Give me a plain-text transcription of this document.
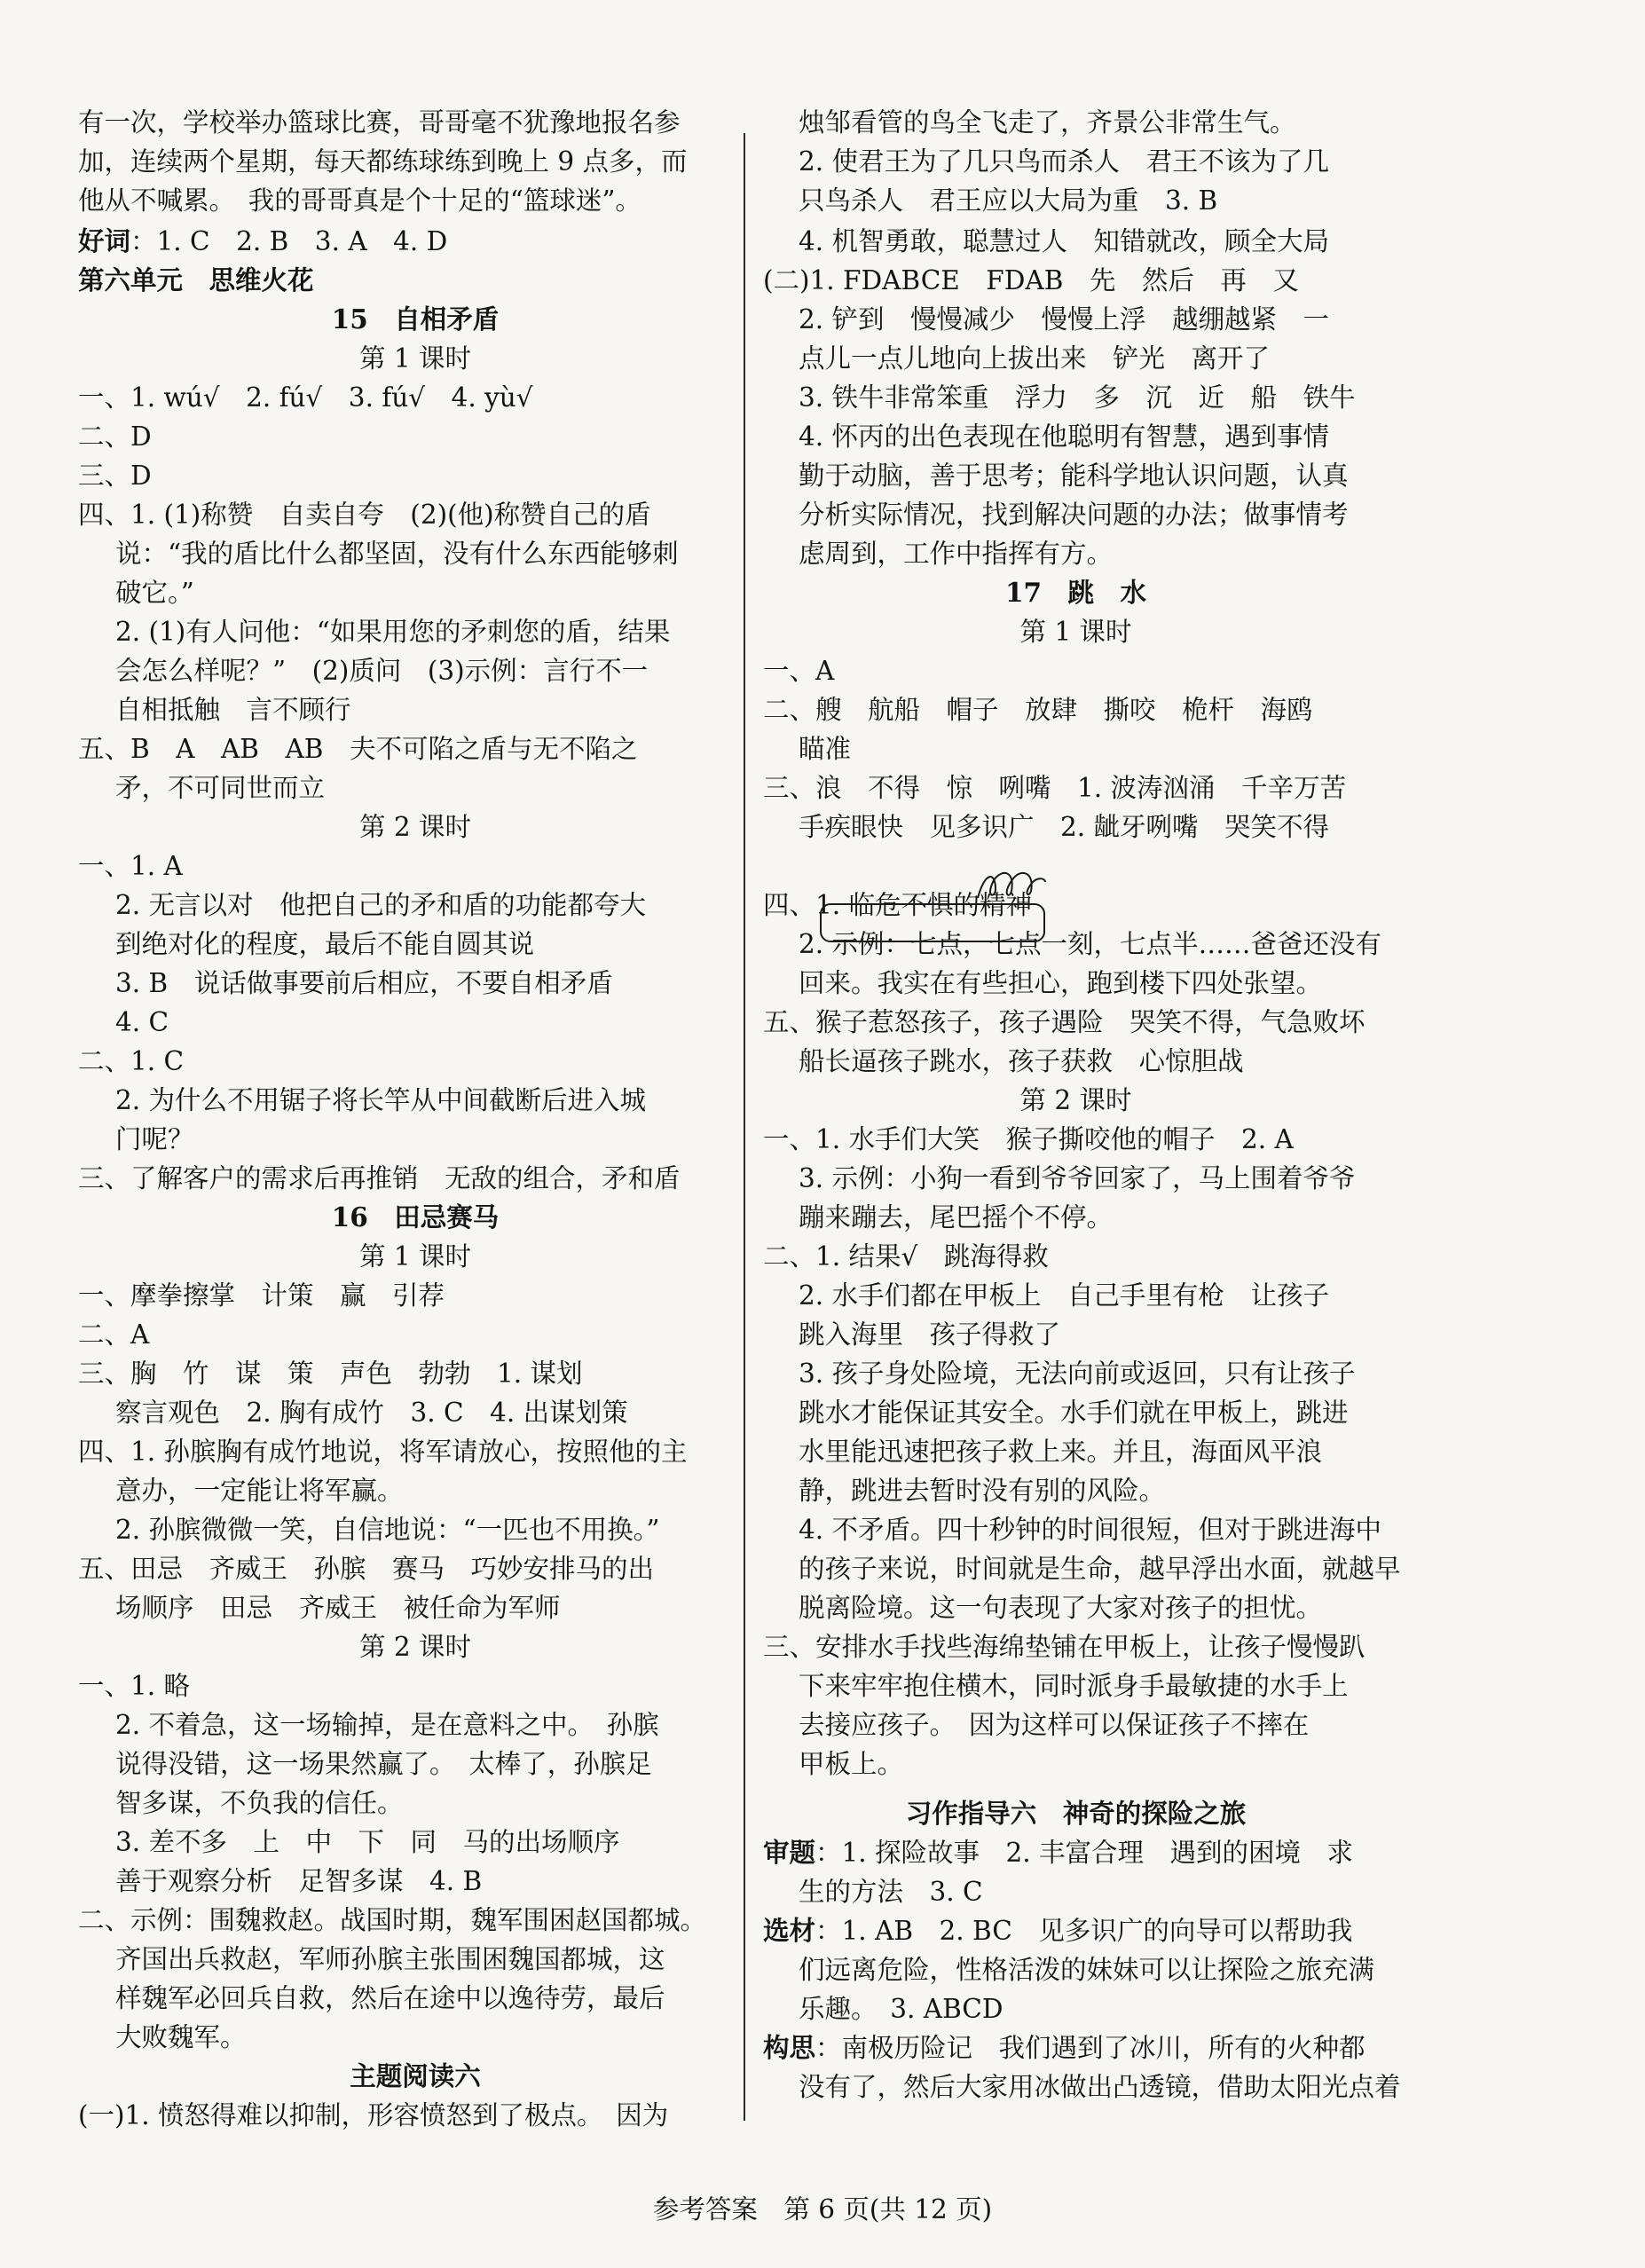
有一次，学校举办篮球比赛，哥哥毫不犹豫地报名参
加，连续两个星期，每天都练球练到晚上 9 点多，而
他从不喊累。　我的哥哥真是个十足的“篮球迷”。
好词：1. C　2. B　3. A　4. D
第六单元　思维火花
15　自相矛盾
第 1 课时
一、1. wú√　2. fú√　3. fú√　4. yù√
二、D
三、D
四、1. (1)称赞　自卖自夸　(2)(他)称赞自己的盾
说：“我的盾比什么都坚固，没有什么东西能够刺
破它。”
2. (1)有人问他：“如果用您的矛刺您的盾，结果
会怎么样呢？”　(2)质问　(3)示例：言行不一
自相抵触　言不顾行
五、B　A　AB　AB　夫不可陷之盾与无不陷之
矛，不可同世而立
第 2 课时
一、1. A
2. 无言以对　他把自己的矛和盾的功能都夸大
到绝对化的程度，最后不能自圆其说
3. B　说话做事要前后相应，不要自相矛盾
4. C
二、1. C
2. 为什么不用锯子将长竿从中间截断后进入城
门呢？
三、了解客户的需求后再推销　无敌的组合，矛和盾
16　田忌赛马
第 1 课时
一、摩拳擦掌　计策　赢　引荐
二、A
三、胸　竹　谋　策　声色　勃勃　1. 谋划
察言观色　2. 胸有成竹　3. C　4. 出谋划策
四、1. 孙膑胸有成竹地说，将军请放心，按照他的主
意办，一定能让将军赢。
2. 孙膑微微一笑，自信地说：“一匹也不用换。”
五、田忌　齐威王　孙膑　赛马　巧妙安排马的出
场顺序　田忌　齐威王　被任命为军师
第 2 课时
一、1. 略
2. 不着急，这一场输掉，是在意料之中。　孙膑
说得没错，这一场果然赢了。　太棒了，孙膑足
智多谋，不负我的信任。
3. 差不多　上　中　下　同　马的出场顺序
善于观察分析　足智多谋　4. B
二、示例：围魏救赵。战国时期，魏军围困赵国都城。
齐国出兵救赵，军师孙膑主张围困魏国都城，这
样魏军必回兵自救，然后在途中以逸待劳，最后
大败魏军。
主题阅读六
(一)1. 愤怒得难以抑制，形容愤怒到了极点。　因为
烛邹看管的鸟全飞走了，齐景公非常生气。
2. 使君王为了几只鸟而杀人　君王不该为了几
只鸟杀人　君王应以大局为重　3. B
4. 机智勇敢，聪慧过人　知错就改，顾全大局
(二)1. FDABCE　FDAB　先　然后　再　又
2. 铲到　慢慢减少　慢慢上浮　越绷越紧　一
点儿一点儿地向上拔出来　铲光　离开了
3. 铁牛非常笨重　浮力　多　沉　近　船　铁牛
4. 怀丙的出色表现在他聪明有智慧，遇到事情
勤于动脑，善于思考；能科学地认识问题，认真
分析实际情况，找到解决问题的办法；做事情考
虑周到，工作中指挥有方。
17　跳　水
第 1 课时
一、A
二、艘　航船　帽子　放肆　撕咬　桅杆　海鸥
瞄准
三、浪　不得　惊　咧嘴　1. 波涛汹涌　千辛万苦
手疾眼快　见多识广　2. 龇牙咧嘴　哭笑不得
四、1. 临危不惧的精神
2. 示例：七点，七点一刻，七点半……爸爸还没有
回来。我实在有些担心，跑到楼下四处张望。
五、猴子惹怒孩子，孩子遇险　哭笑不得，气急败坏
船长逼孩子跳水，孩子获救　心惊胆战
第 2 课时
一、1. 水手们大笑　猴子撕咬他的帽子　2. A
3. 示例：小狗一看到爷爷回家了，马上围着爷爷
蹦来蹦去，尾巴摇个不停。
二、1. 结果√　跳海得救
2. 水手们都在甲板上　自己手里有枪　让孩子
跳入海里　孩子得救了
3. 孩子身处险境，无法向前或返回，只有让孩子
跳水才能保证其安全。水手们就在甲板上，跳进
水里能迅速把孩子救上来。并且，海面风平浪
静，跳进去暂时没有别的风险。
4. 不矛盾。四十秒钟的时间很短，但对于跳进海中
的孩子来说，时间就是生命，越早浮出水面，就越早
脱离险境。这一句表现了大家对孩子的担忧。
三、安排水手找些海绵垫铺在甲板上，让孩子慢慢趴
下来牢牢抱住横木，同时派身手最敏捷的水手上
去接应孩子。　因为这样可以保证孩子不摔在
甲板上。
习作指导六　神奇的探险之旅
审题：1. 探险故事　2. 丰富合理　遇到的困境　求
生的方法　3. C
选材：1. AB　2. BC　见多识广的向导可以帮助我
们远离危险，性格活泼的妹妹可以让探险之旅充满
乐趣。　3. ABCD
构思：南极历险记　我们遇到了冰川，所有的火种都
没有了，然后大家用冰做出凸透镜，借助太阳光点着
参考答案　第 6 页(共 12 页)
